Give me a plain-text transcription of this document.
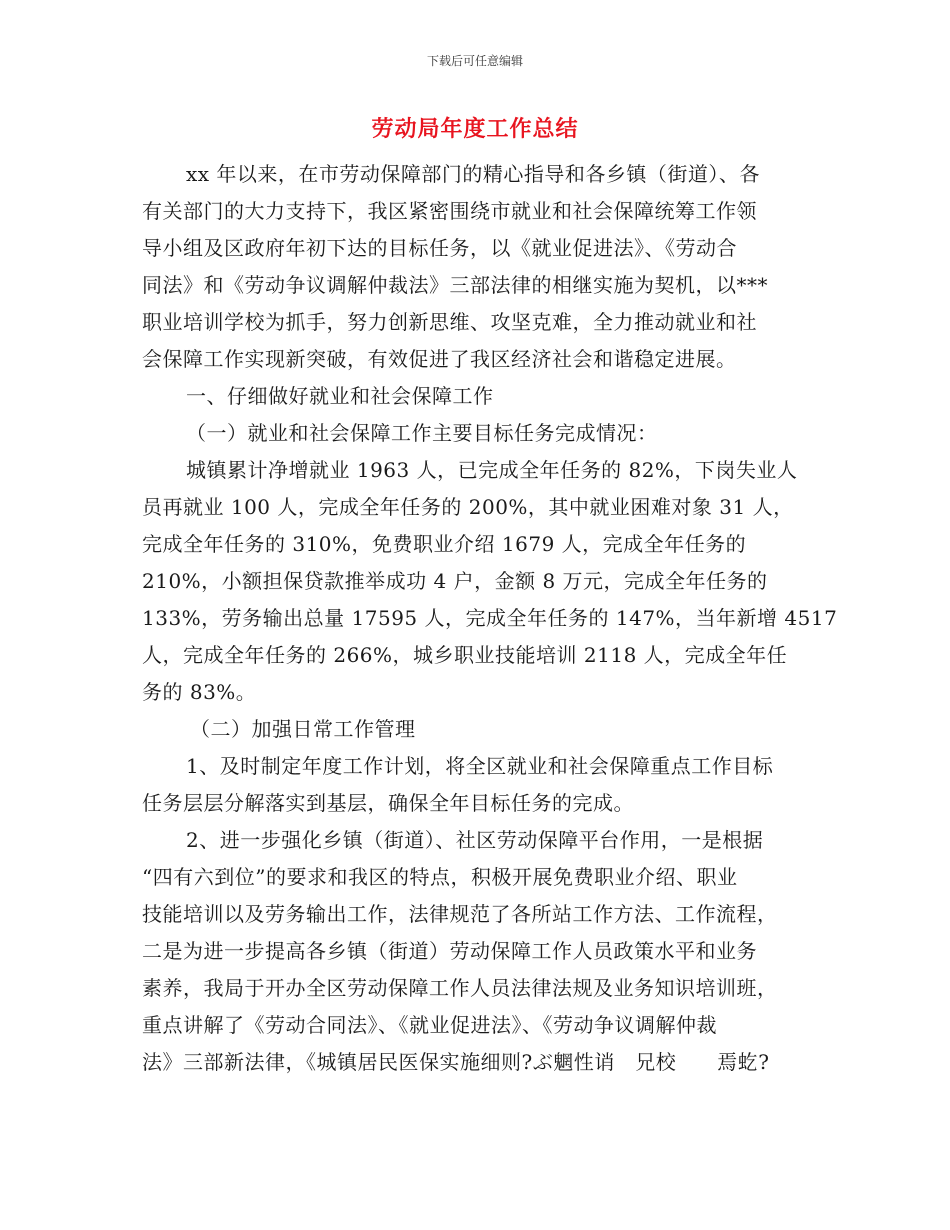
下载后可任意编辑
劳动局年度工作总结
xx 年以来，在市劳动保障部门的精心指导和各乡镇（街道）、各
有关部门的大力支持下，我区紧密围绕市就业和社会保障统筹工作领
导小组及区政府年初下达的目标任务，以《就业促进法》、《劳动合
同法》和《劳动争议调解仲裁法》三部法律的相继实施为契机，以***
职业培训学校为抓手，努力创新思维、攻坚克难，全力推动就业和社
会保障工作实现新突破，有效促进了我区经济社会和谐稳定进展。
一、仔细做好就业和社会保障工作
（一）就业和社会保障工作主要目标任务完成情况：
城镇累计净增就业 1963 人，已完成全年任务的 82%，下岗失业人
员再就业 100 人，完成全年任务的 200%，其中就业困难对象 31 人，
完成全年任务的 310%，免费职业介绍 1679 人，完成全年任务的
210%，小额担保贷款推举成功 4 户，金额 8 万元，完成全年任务的
133%，劳务输出总量 17595 人，完成全年任务的 147%，当年新增 4517
人，完成全年任务的 266%，城乡职业技能培训 2118 人，完成全年任
务的 83%。
（二）加强日常工作管理
1、及时制定年度工作计划，将全区就业和社会保障重点工作目标
任务层层分解落实到基层，确保全年目标任务的完成。
2、进一步强化乡镇（街道）、社区劳动保障平台作用，一是根据
“四有六到位”的要求和我区的特点，积极开展免费职业介绍、职业
技能培训以及劳务输出工作，法律规范了各所站工作方法、工作流程，
二是为进一步提高各乡镇（街道）劳动保障工作人员政策水平和业务
素养，我局于开办全区劳动保障工作人员法律法规及业务知识培训班，
重点讲解了《劳动合同法》、《就业促进法》、《劳动争议调解仲裁
法》三部新法律，《城镇居民医保实施细则?ぶ魍性诮　兄校　　焉虼?
